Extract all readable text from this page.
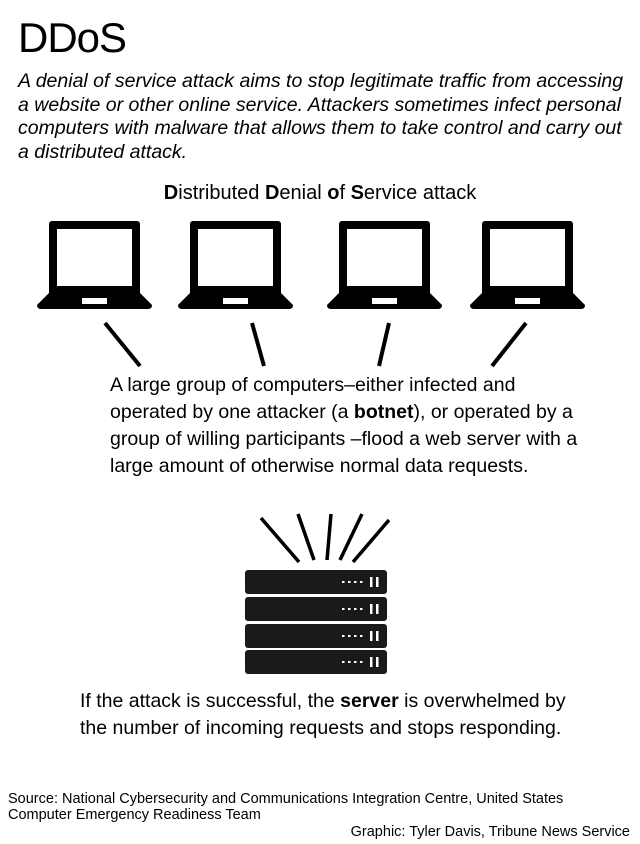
DDoS

A denial of service attack aims to stop legitimate traffic from accessing a website or other online service. Attackers sometimes infect personal computers with malware that allows them to take control and carry out a distributed attack.

Distributed Denial of Service attack

A large group of computers–either infected and operated by one attacker (a botnet), or operated by a group of willing participants –flood a web server with a large amount of otherwise normal data requests.

If the attack is successful, the server is overwhelmed by the number of incoming requests and stops responding.

Source: National Cybersecurity and Communications Integration Centre, United States Computer Emergency Readiness Team

Graphic: Tyler Davis, Tribune News Service
